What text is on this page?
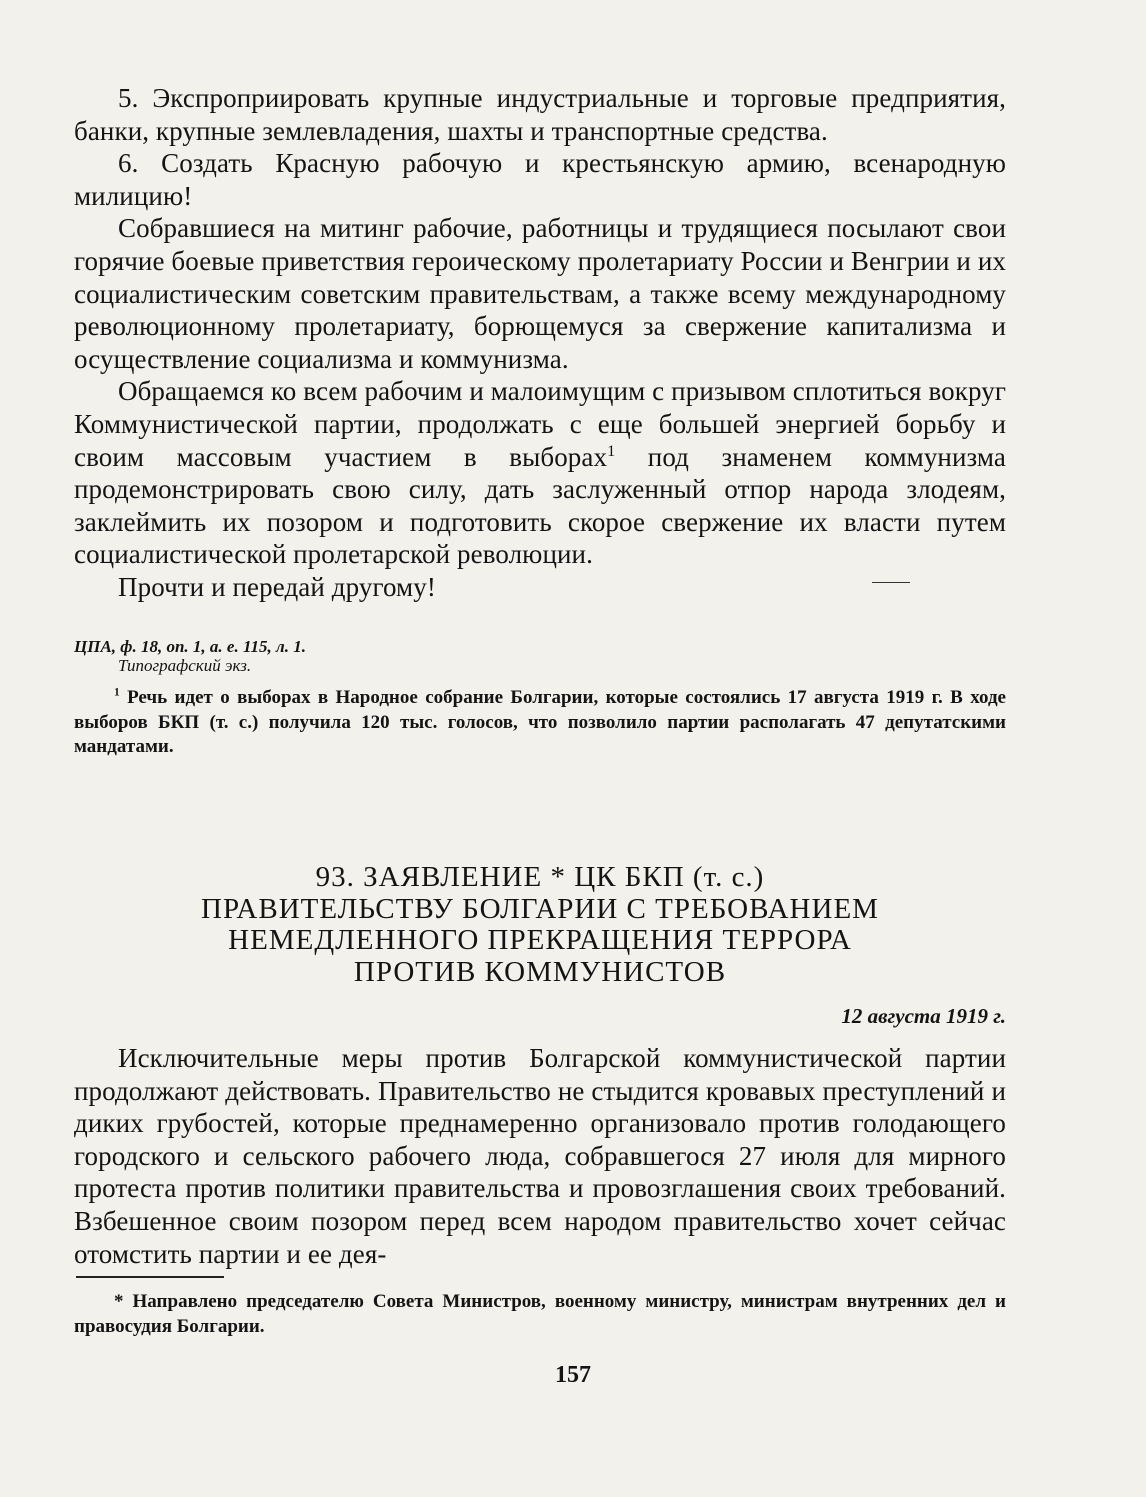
5. Экспроприировать крупные индустриальные и торговые предприятия, банки, крупные землевладения, шахты и транспортные средства.

6. Создать Красную рабочую и крестьянскую армию, всенародную милицию!

Собравшиеся на митинг рабочие, работницы и трудящиеся посылают свои горячие боевые приветствия героическому пролетариату России и Венгрии и их социалистическим советским правительствам, а также всему международному революционному пролетариату, борющемуся за свержение капитализма и осуществление социализма и коммунизма.

Обращаемся ко всем рабочим и малоимущим с призывом сплотиться вокруг Коммунистической партии, продолжать с еще большей энергией борьбу и своим массовым участием в выборах$^1$ под знаменем коммунизма продемонстрировать свою силу, дать заслуженный отпор народа злодеям, заклеймить их позором и подготовить скорое свержение их власти путем социалистической пролетарской революции.

Прочти и передай другому!

ЦПА, ф. 18, оп. 1, а. е. 115, л. 1.
Типографский экз.
$^1$ Речь идет о выборах в Народное собрание Болгарии, которые состоялись 17 августа 1919 г. В ходе выборов БКП (т. с.) получила 120 тыс. голосов, что позволило партии располагать 47 депутатскими мандатами.
93. ЗАЯВЛЕНИЕ * ЦК БКП (т. с.)
ПРАВИТЕЛЬСТВУ БОЛГАРИИ С ТРЕБОВАНИЕМ
НЕМЕДЛЕННОГО ПРЕКРАЩЕНИЯ ТЕРРОРА
ПРОТИВ КОММУНИСТОВ
12 августа 1919 г.

Исключительные меры против Болгарской коммунистической партии продолжают действовать. Правительство не стыдится кровавых преступлений и диких грубостей, которые преднамеренно организовало против голодающего городского и сельского рабочего люда, собравшегося 27 июля для мирного протеста против политики правительства и провозглашения своих требований. Взбешенное своим позором перед всем народом правительство хочет сейчас отомстить партии и ее дея-

* Направлено председателю Совета Министров, военному министру, министрам внутренних дел и правосудия Болгарии.
157
